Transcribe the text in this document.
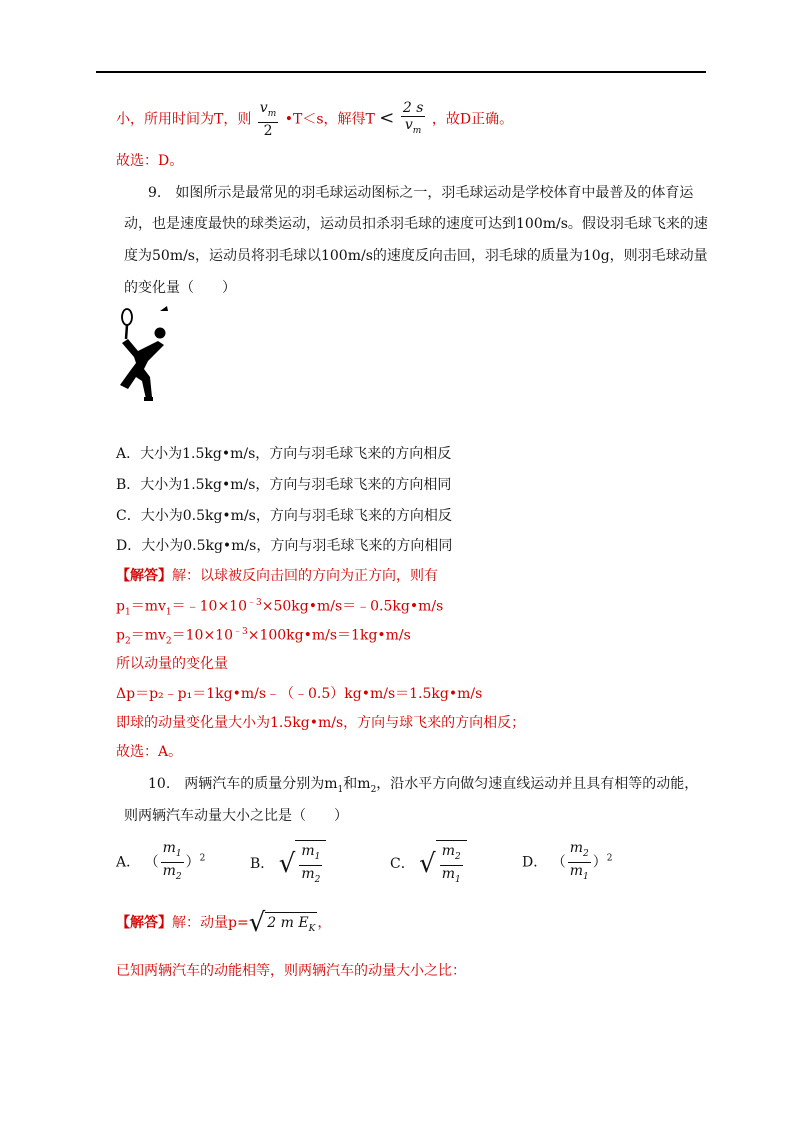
小，所用时间为T，则 $\frac{v_m}{2}$ •T＜s，解得$T < \frac{2 s}{v_m}$ ，故D正确。
故选：D。
9.　如图所示是最常见的羽毛球运动图标之一，羽毛球运动是学校体育中最普及的体育运
动，也是速度最快的球类运动，运动员扣杀羽毛球的速度可达到100m/s。假设羽毛球飞来的速
度为50m/s，运动员将羽毛球以100m/s的速度反向击回，羽毛球的质量为10g，则羽毛球动量
的变化量（　　）
A．大小为1.5kg•m/s，方向与羽毛球飞来的方向相反
B．大小为1.5kg•m/s，方向与羽毛球飞来的方向相同
C．大小为0.5kg•m/s，方向与羽毛球飞来的方向相反
D．大小为0.5kg•m/s，方向与羽毛球飞来的方向相同
【解答】解：以球被反向击回的方向为正方向，则有
$p_1=mv_1=﹣10\times 10^{﹣3}\times 50kg•m/s=﹣0.5kg•m/s$
$p_2=mv_2=10\times 10^{﹣3}\times 100kg•m/s=1kg•m/s$
所以动量的变化量
Δp＝p₂﹣p₁＝1kg•m/s﹣（﹣0.5）kg•m/s＝1.5kg•m/s
即球的动量变化量大小为1.5kg•m/s，方向与球飞来的方向相反；
故选：A。
10.　两辆汽车的质量分别为$m_1$和$m_2$，沿水平方向做匀速直线运动并且具有相等的动能，
则两辆汽车动量大小之比是（　　）
A． （ $\frac{m_1}{m_2} )^2$	B． √ $\frac{m_1}{m_2}$	C． √ $\frac{m_2}{m_1}$	D． （ $\frac{m_2}{m_1} )^2$
【解答】解：动量p=√ 2 m $E_K$ ，
已知两辆汽车的动能相等，则两辆汽车的动量大小之比：
